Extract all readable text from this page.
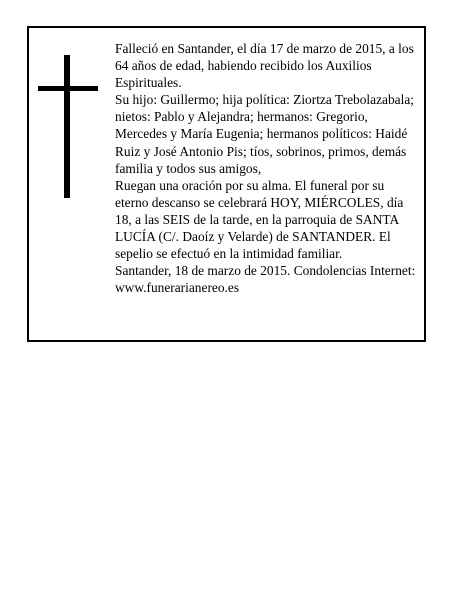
Falleció en Santander, el día 17 de marzo de 2015, a los
64 años de edad, habiendo recibido los Auxilios
Espirituales.
Su hijo: Guillermo; hija política: Ziortza Trebolazabala;
nietos: Pablo y Alejandra; hermanos: Gregorio,
Mercedes y María Eugenia; hermanos políticos: Haidé
Ruiz y José Antonio Pis; tíos, sobrinos, primos, demás
familia y todos sus amigos,
Ruegan una oración por su alma. El funeral por su
eterno descanso se celebrará HOY, MIÉRCOLES, día
18, a las SEIS de la tarde, en la parroquia de SANTA
LUCÍA (C/. Daoíz y Velarde) de SANTANDER. El
sepelio se efectuó en la intimidad familiar.
Santander, 18 de marzo de 2015. Condolencias Internet:
www.funerarianereo.es
